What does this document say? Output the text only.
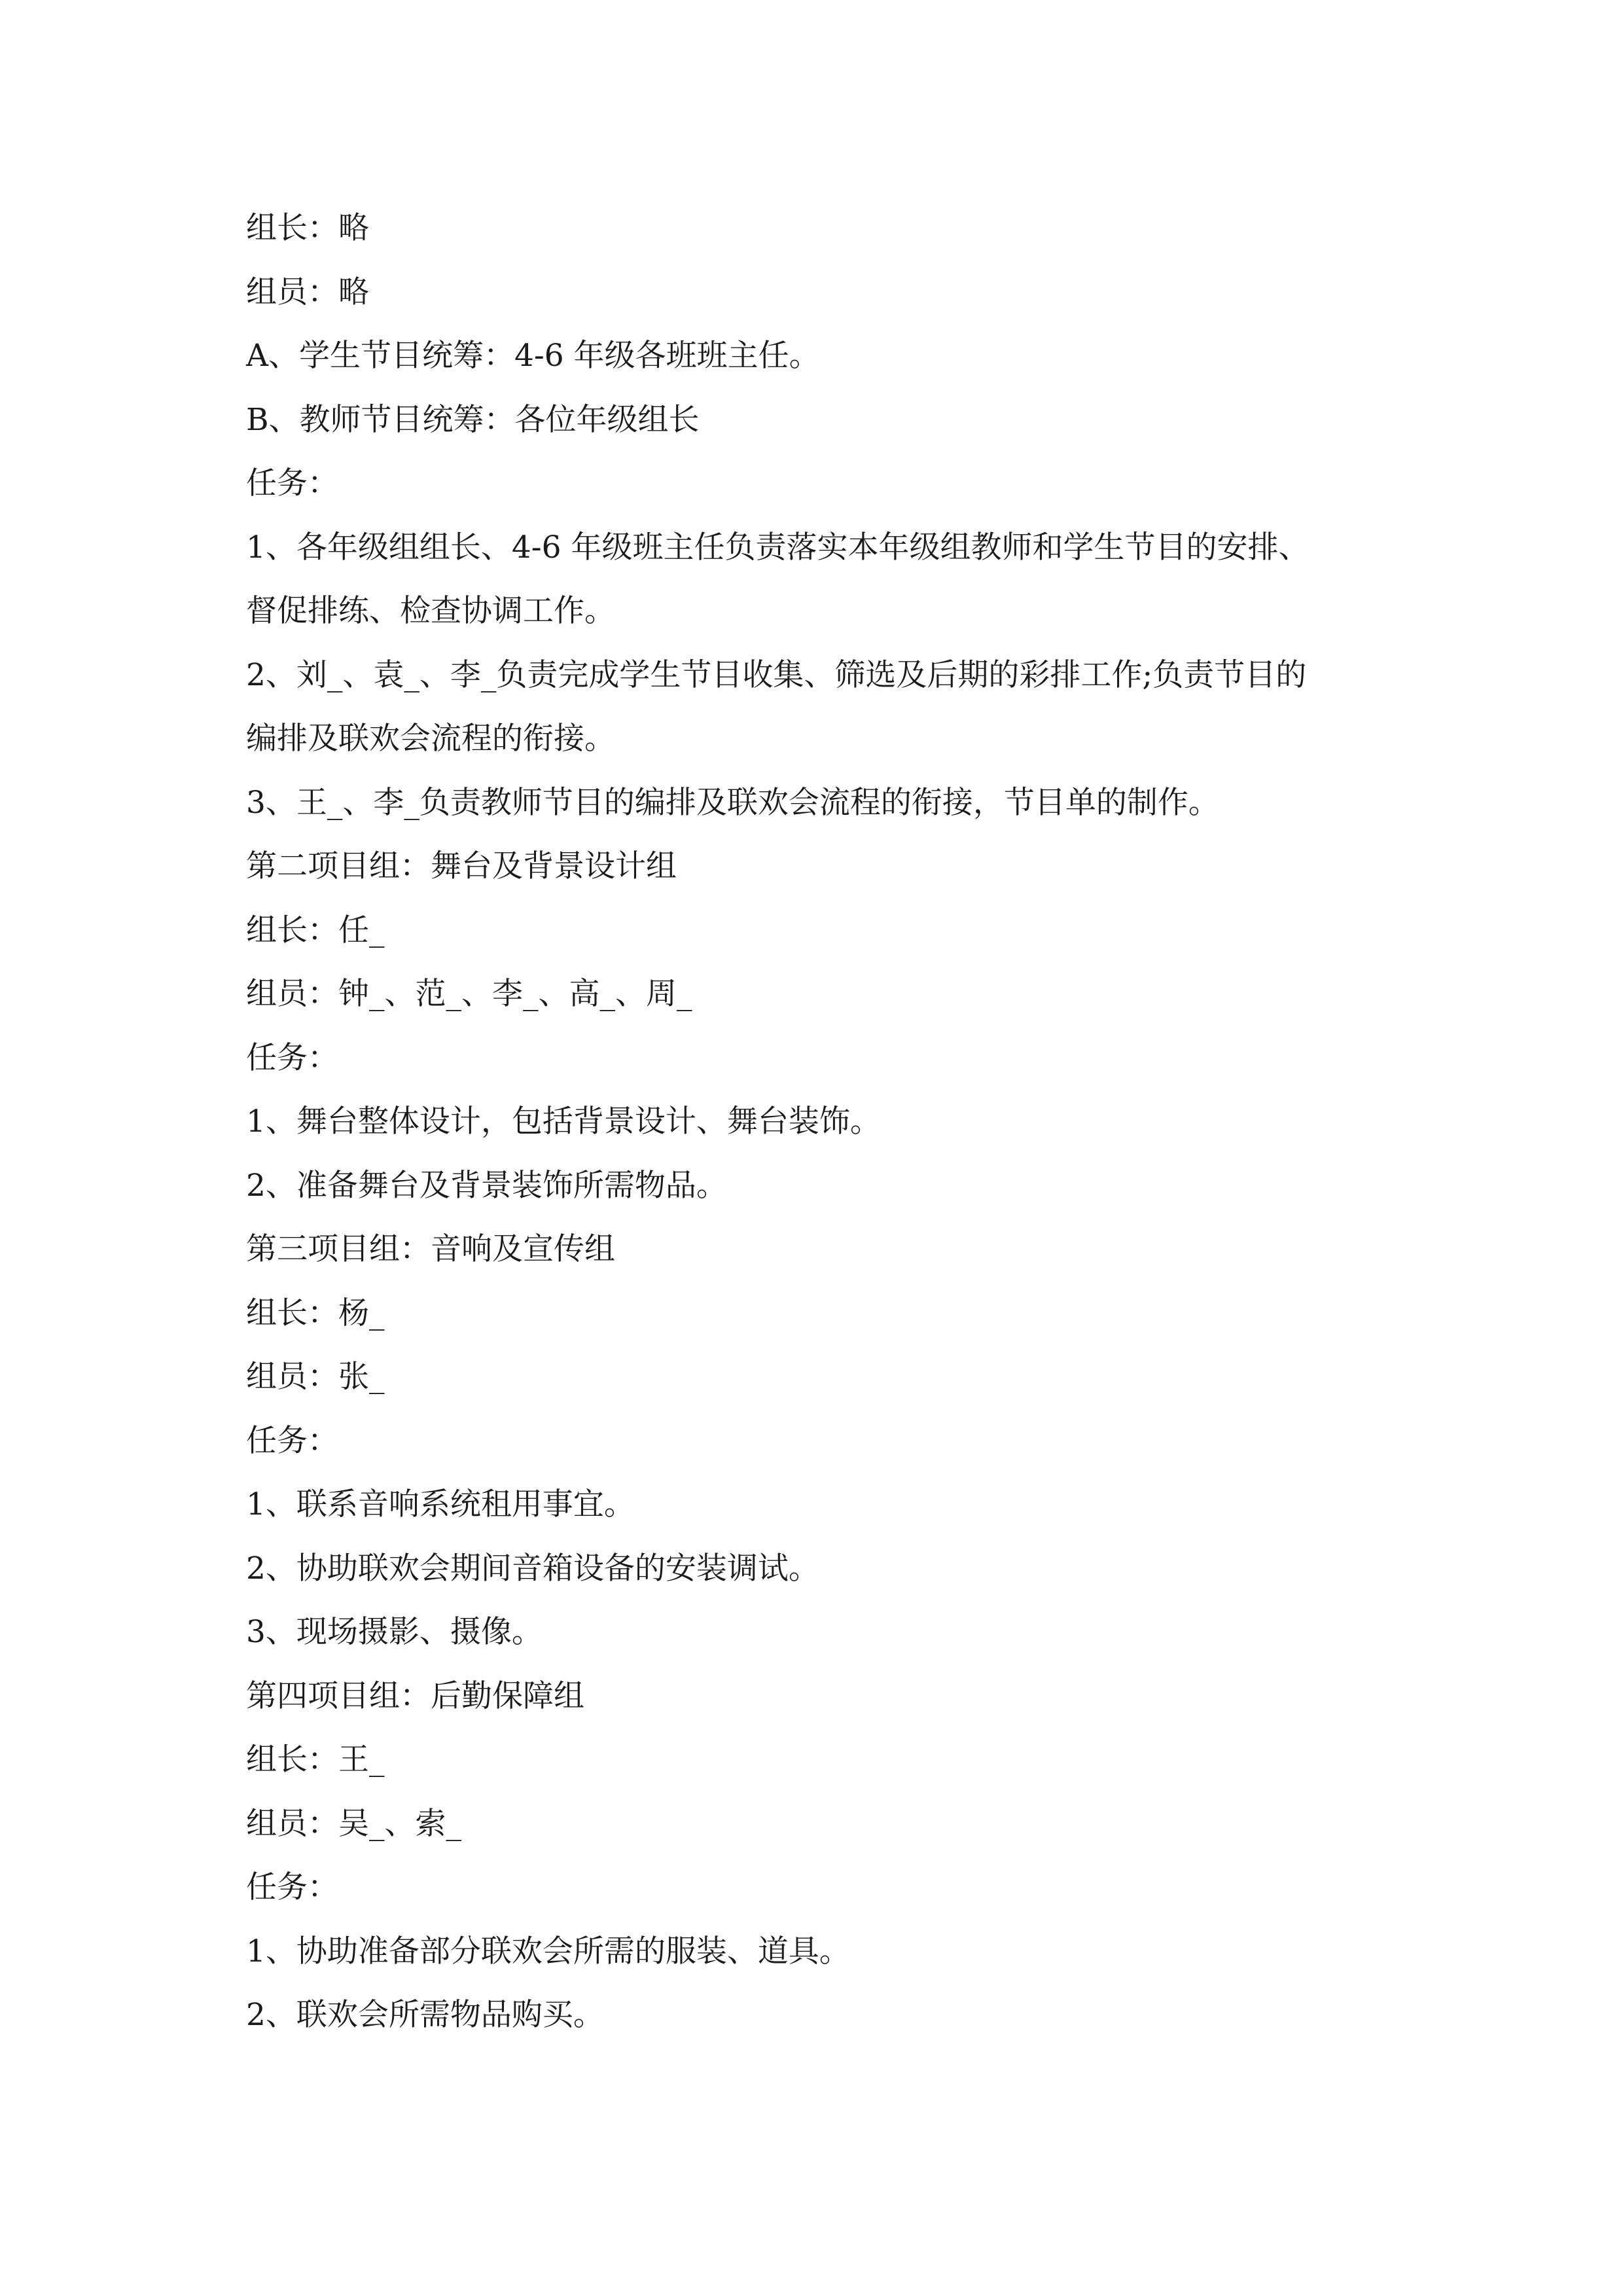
组长：略

组员：略

A、学生节目统筹：4-6 年级各班班主任。

B、教师节目统筹：各位年级组长

任务：

1、各年级组组长、4-6 年级班主任负责落实本年级组教师和学生节目的安排、

督促排练、检查协调工作。

2、刘_、袁_、李_负责完成学生节目收集、筛选及后期的彩排工作;负责节目的

编排及联欢会流程的衔接。

3、王_、李_负责教师节目的编排及联欢会流程的衔接，节目单的制作。

第二项目组：舞台及背景设计组

组长：任_

组员：钟_、范_、李_、高_、周_

任务：

1、舞台整体设计，包括背景设计、舞台装饰。

2、准备舞台及背景装饰所需物品。

第三项目组：音响及宣传组

组长：杨_

组员：张_

任务：

1、联系音响系统租用事宜。

2、协助联欢会期间音箱设备的安装调试。

3、现场摄影、摄像。

第四项目组：后勤保障组

组长：王_

组员：吴_、索_

任务：

1、协助准备部分联欢会所需的服装、道具。

2、联欢会所需物品购买。
